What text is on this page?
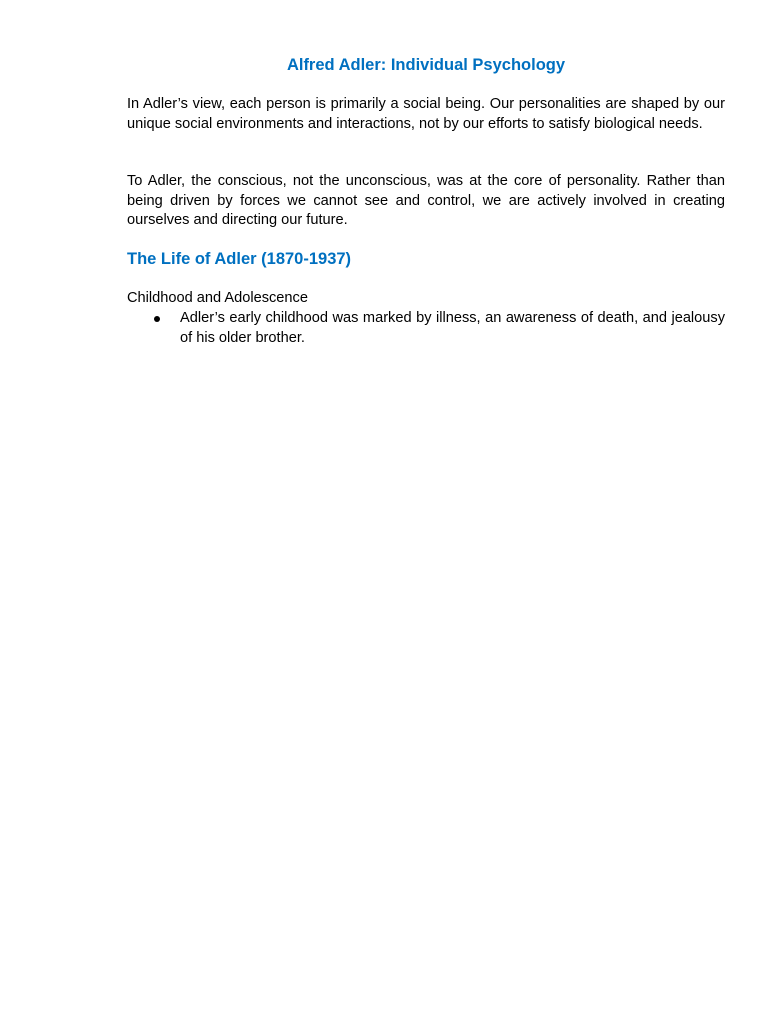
Alfred Adler: Individual Psychology

In Adler’s view, each person is primarily a social being. Our personalities are shaped by our unique social environments and interactions, not by our efforts to satisfy biological needs.

To Adler, the conscious, not the unconscious, was at the core of personality. Rather than being driven by forces we cannot see and control, we are actively involved in creating ourselves and directing our future.

The Life of Adler (1870-1937)

Childhood and Adolescence

Adler’s early childhood was marked by illness, an awareness of death, and jealousy of his older brother.
